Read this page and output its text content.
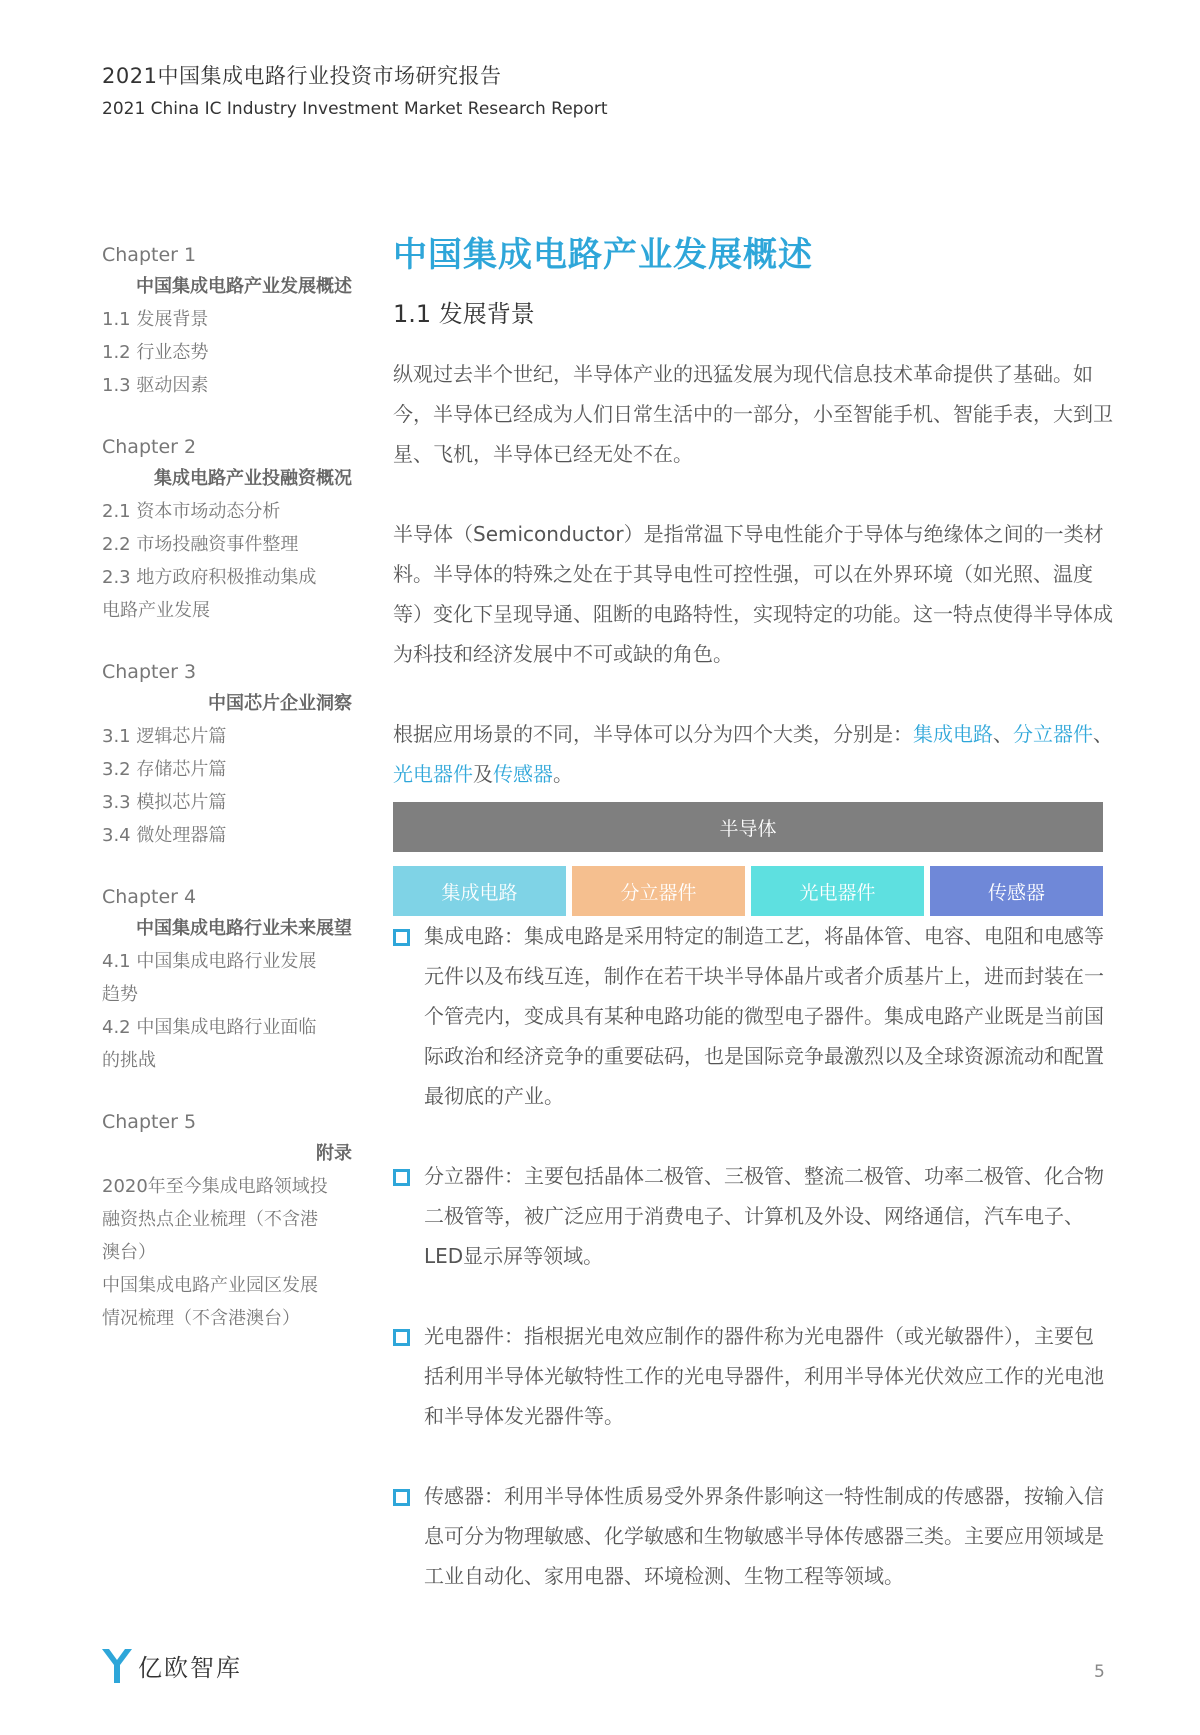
2021中国集成电路行业投资市场研究报告
2021 China IC Industry Investment Market Research Report
Chapter 1
中国集成电路产业发展概述
1.1 发展背景
1.2 行业态势
1.3 驱动因素
Chapter 2
集成电路产业投融资概况
2.1 资本市场动态分析
2.2 市场投融资事件整理
2.3 地方政府积极推动集成
电路产业发展
Chapter 3
中国芯片企业洞察
3.1 逻辑芯片篇
3.2 存储芯片篇
3.3 模拟芯片篇
3.4 微处理器篇
Chapter 4
中国集成电路行业未来展望
4.1 中国集成电路行业发展
趋势
4.2 中国集成电路行业面临
的挑战
Chapter 5
附录
2020年至今集成电路领域投
融资热点企业梳理（不含港
澳台）
中国集成电路产业园区发展
情况梳理（不含港澳台）
中国集成电路产业发展概述
1.1 发展背景
纵观过去半个世纪，半导体产业的迅猛发展为现代信息技术革命提供了基础。如今，半导体已经成为人们日常生活中的一部分，小至智能手机、智能手表，大到卫星、飞机，半导体已经无处不在。
半导体（Semiconductor）是指常温下导电性能介于导体与绝缘体之间的一类材料。半导体的特殊之处在于其导电性可控性强，可以在外界环境（如光照、温度等）变化下呈现导通、阻断的电路特性，实现特定的功能。这一特点使得半导体成为科技和经济发展中不可或缺的角色。
根据应用场景的不同，半导体可以分为四个大类，分别是：集成电路、分立器件、光电器件及传感器。
半导体
集成电路	分立器件	光电器件	传感器
集成电路：集成电路是采用特定的制造工艺，将晶体管、电容、电阻和电感等元件以及布线互连，制作在若干块半导体晶片或者介质基片上，进而封装在一个管壳内，变成具有某种电路功能的微型电子器件。集成电路产业既是当前国际政治和经济竞争的重要砝码，也是国际竞争最激烈以及全球资源流动和配置最彻底的产业。
分立器件：主要包括晶体二极管、三极管、整流二极管、功率二极管、化合物二极管等，被广泛应用于消费电子、计算机及外设、网络通信，汽车电子、LED显示屏等领域。
光电器件：指根据光电效应制作的器件称为光电器件（或光敏器件），主要包括利用半导体光敏特性工作的光电导器件，利用半导体光伏效应工作的光电池和半导体发光器件等。
传感器：利用半导体性质易受外界条件影响这一特性制成的传感器，按输入信息可分为物理敏感、化学敏感和生物敏感半导体传感器三类。主要应用领域是工业自动化、家用电器、环境检测、生物工程等领域。
亿欧智库	5
